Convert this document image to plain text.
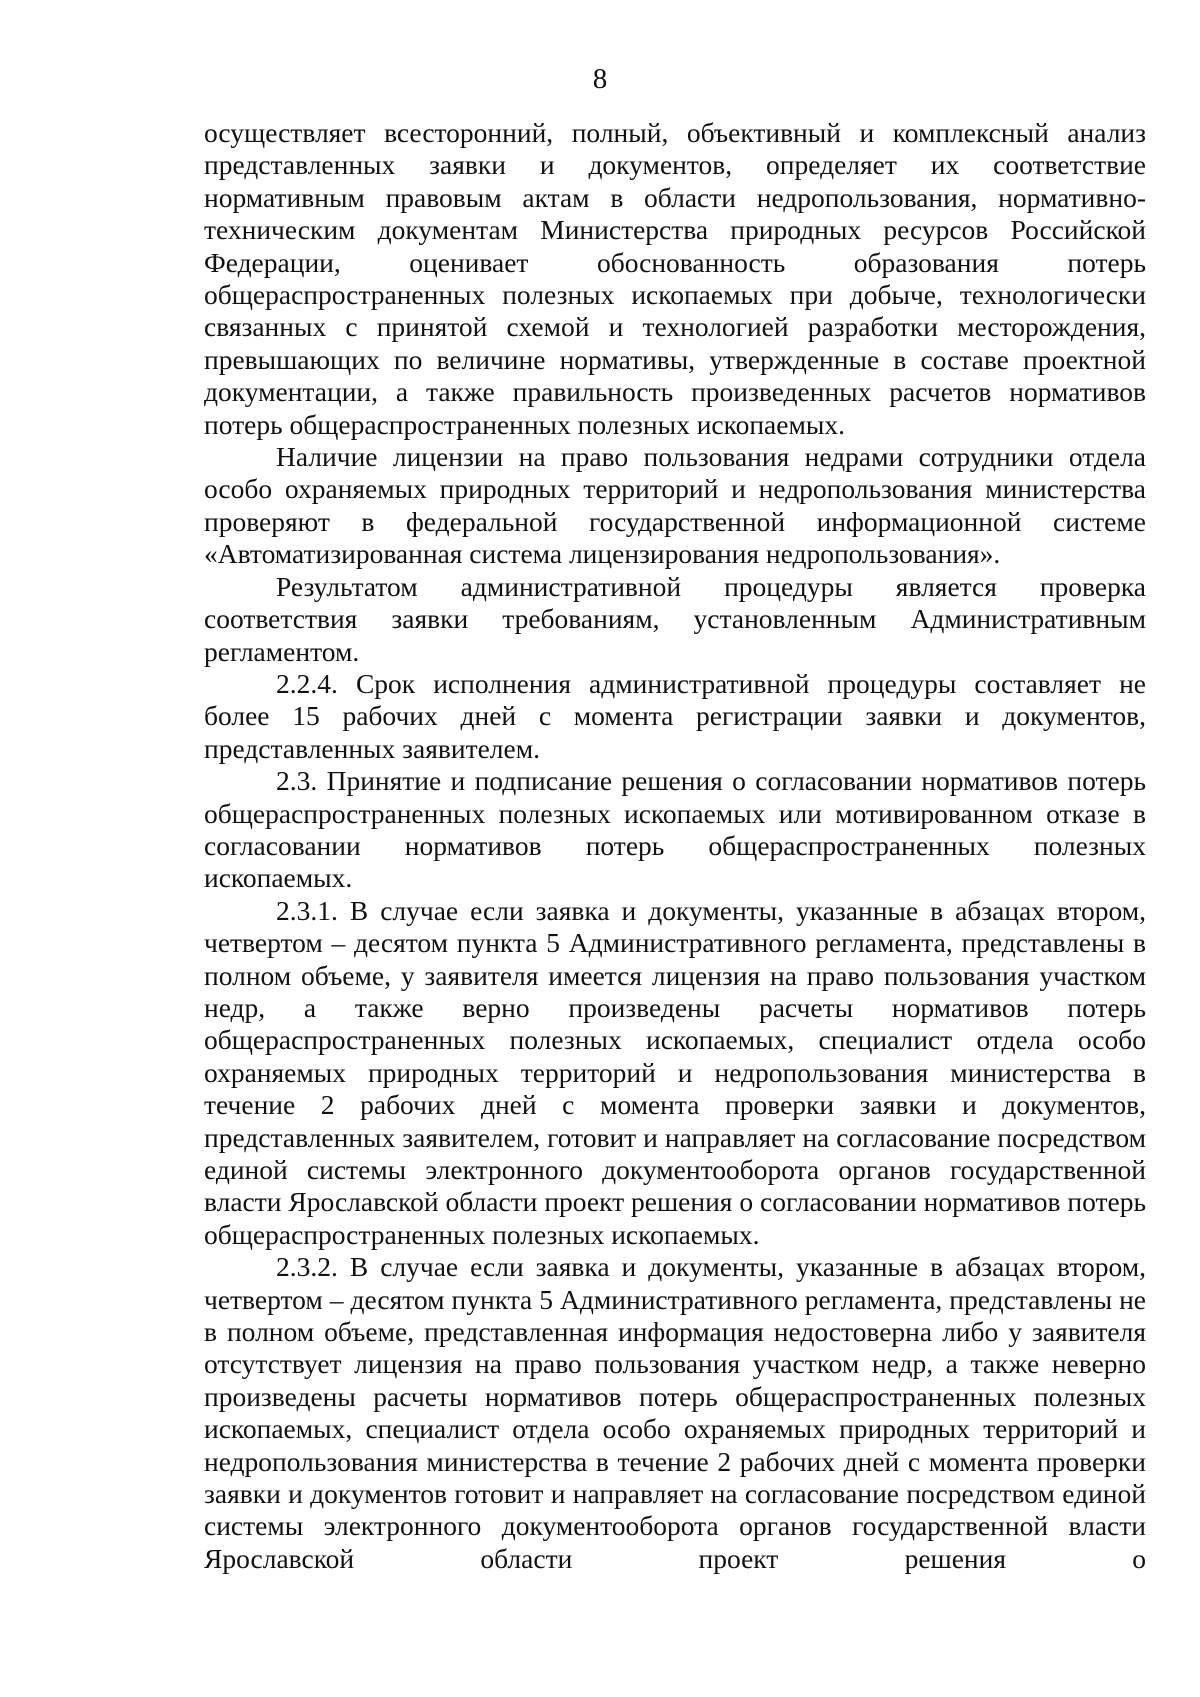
8

осуществляет всесторонний, полный, объективный и комплексный анализ представленных заявки и документов, определяет их соответствие нормативным правовым актам в области недропользования, нормативно-техническим документам Министерства природных ресурсов Российской Федерации, оценивает обоснованность образования потерь общераспространенных полезных ископаемых при добыче, технологически связанных с принятой схемой и технологией разработки месторождения, превышающих по величине нормативы, утвержденные в составе проектной документации, а также правильность произведенных расчетов нормативов потерь общераспространенных полезных ископаемых.

Наличие лицензии на право пользования недрами сотрудники отдела особо охраняемых природных территорий и недропользования министерства проверяют в федеральной государственной информационной системе «Автоматизированная система лицензирования недропользования».

Результатом административной процедуры является проверка соответствия заявки требованиям, установленным Административным регламентом.

2.2.4. Срок исполнения административной процедуры составляет не более 15 рабочих дней с момента регистрации заявки и документов, представленных заявителем.

2.3. Принятие и подписание решения о согласовании нормативов потерь общераспространенных полезных ископаемых или мотивированном отказе в согласовании нормативов потерь общераспространенных полезных ископаемых.

2.3.1. В случае если заявка и документы, указанные в абзацах втором, четвертом – десятом пункта 5 Административного регламента, представлены в полном объеме, у заявителя имеется лицензия на право пользования участком недр, а также верно произведены расчеты нормативов потерь общераспространенных полезных ископаемых, специалист отдела особо охраняемых природных территорий и недропользования министерства в течение 2 рабочих дней с момента проверки заявки и документов, представленных заявителем, готовит и направляет на согласование посредством единой системы электронного документооборота органов государственной власти Ярославской области проект решения о согласовании нормативов потерь общераспространенных полезных ископаемых.

2.3.2. В случае если заявка и документы, указанные в абзацах втором, четвертом – десятом пункта 5 Административного регламента, представлены не в полном объеме, представленная информация недостоверна либо у заявителя отсутствует лицензия на право пользования участком недр, а также неверно произведены расчеты нормативов потерь общераспространенных полезных ископаемых, специалист отдела особо охраняемых природных территорий и недропользования министерства в течение 2 рабочих дней с момента проверки заявки и документов готовит и направляет на согласование посредством единой системы электронного документооборота органов государственной власти Ярославской области проект решения о
